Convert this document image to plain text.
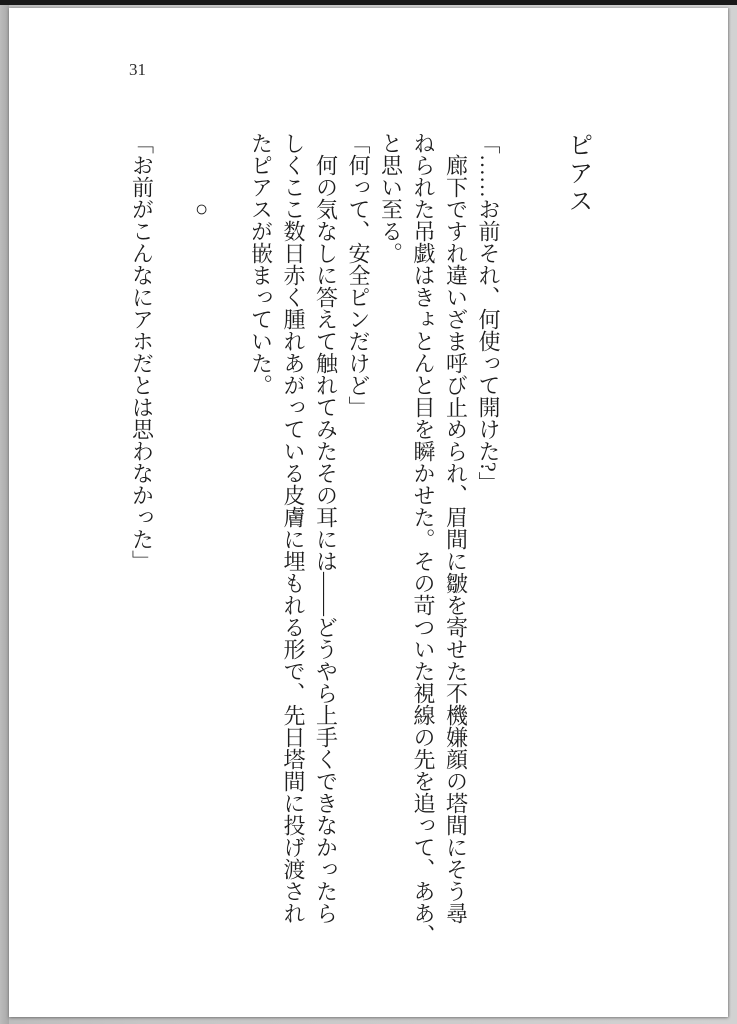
31
ピアス
「……お前それ、何使って開けた?」
廊下ですれ違いざま呼び止められ、眉間に皺を寄せた不機嫌顔の塔間にそう尋
ねられた吊戯はきょとんと目を瞬かせた。その苛ついた視線の先を追って、ああ、
と思い至る。
「何って、安全ピンだけど」
何の気なしに答えて触れてみたその耳には――どうやら上手くできなかったら
しくここ数日赤く腫れあがっている皮膚に埋もれる形で、先日塔間に投げ渡され
たピアスが嵌まっていた。
○
「お前がこんなにアホだとは思わなかった」
